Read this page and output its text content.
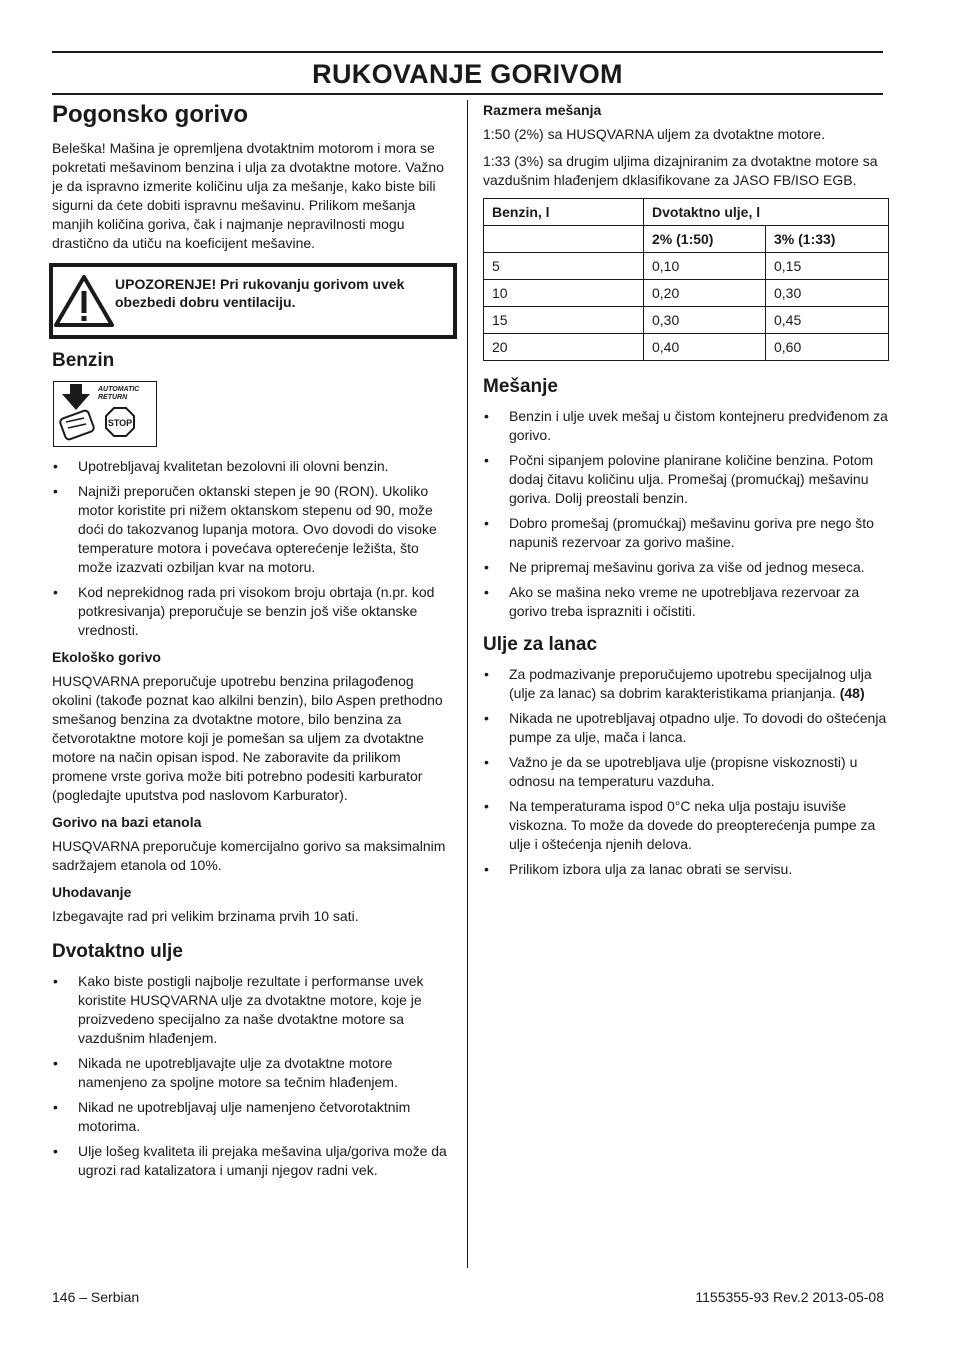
RUKOVANJE GORIVOM
Pogonsko gorivo

Beleška! Mašina je opremljena dvotaktnim motorom i mora se pokretati mešavinom benzina i ulja za dvotaktne motore. Važno je da ispravno izmerite količinu ulja za mešanje, kako biste bili sigurni da ćete dobiti ispravnu mešavinu. Prilikom mešanja manjih količina goriva, čak i najmanje nepravilnosti mogu drastično da utiču na koeficijent mešavine.

UPOZORENJE! Pri rukovanju gorivom uvek obezbedi dobru ventilaciju.
Benzin
AUTOMATIC
RETURN
STOP
• Upotrebljavaj kvalitetan bezolovni ili olovni benzin.
• Najniži preporučen oktanski stepen je 90 (RON). Ukoliko motor koristite pri nižem oktanskom stepenu od 90, može doći do takozvanog lupanja motora. Ovo dovodi do visoke temperature motora i povećava opterećenje ležišta, što može izazvati ozbiljan kvar na motoru.
• Kod neprekidnog rada pri visokom broju obrtaja (n.pr. kod potkresivanja) preporučuje se benzin još više oktanske vrednosti.
Ekološko gorivo

HUSQVARNA preporučuje upotrebu benzina prilagođenog okolini (takođe poznat kao alkilni benzin), bilo Aspen prethodno smešanog benzina za dvotaktne motore, bilo benzina za četvorotaktne motore koji je pomešan sa uljem za dvotaktne motore na način opisan ispod. Ne zaboravite da prilikom promene vrste goriva može biti potrebno podesiti karburator (pogledajte uputstva pod naslovom Karburator).

Gorivo na bazi etanola

HUSQVARNA preporučuje komercijalno gorivo sa maksimalnim sadržajem etanola od 10%.

Uhodavanje

Izbegavajte rad pri velikim brzinama prvih 10 sati.

Dvotaktno ulje
• Kako biste postigli najbolje rezultate i performanse uvek koristite HUSQVARNA ulje za dvotaktne motore, koje je proizvedeno specijalno za naše dvotaktne motore sa vazdušnim hlađenjem.
• Nikada ne upotrebljavajte ulje za dvotaktne motore namenjeno za spoljne motore sa tečnim hlađenjem.
• Nikad ne upotrebljavaj ulje namenjeno četvorotaktnim motorima.
• Ulje lošeg kvaliteta ili prejaka mešavina ulja/goriva može da ugrozi rad katalizatora i umanji njegov radni vek.
Razmera mešanja

1:50 (2%) sa HUSQVARNA uljem za dvotaktne motore.

1:33 (3%) sa drugim uljima dizajniranim za dvotaktne motore sa vazdušnim hlađenjem dklasifikovane za JASO FB/ISO EGB.

Benzin, l	Dvotaktno ulje, l	
	2% (1:50)	3% (1:33)
5	0,10	0,15
10	0,20	0,30
15	0,30	0,45
20	0,40	0,60
Mešanje
• Benzin i ulje uvek mešaj u čistom kontejneru predviđenom za gorivo.
• Počni sipanjem polovine planirane količine benzina. Potom dodaj čitavu količinu ulja. Promešaj (promućkaj) mešavinu goriva. Dolij preostali benzin.
• Dobro promešaj (promućkaj) mešavinu goriva pre nego što napuniš rezervoar za gorivo mašine.
• Ne pripremaj mešavinu goriva za više od jednog meseca.
• Ako se mašina neko vreme ne upotrebljava rezervoar za gorivo treba isprazniti i očistiti.
Ulje za lanac
• Za podmazivanje preporučujemo upotrebu specijalnog ulja (ulje za lanac) sa dobrim karakteristikama prianjanja. (48)
• Nikada ne upotrebljavaj otpadno ulje. To dovodi do oštećenja pumpe za ulje, mača i lanca.
• Važno je da se upotrebljava ulje (propisne viskoznosti) u odnosu na temperaturu vazduha.
• Na temperaturama ispod 0°C neka ulja postaju isuviše viskozna. To može da dovede do preopterećenja pumpe za ulje i oštećenja njenih delova.
• Prilikom izbora ulja za lanac obrati se servisu.
146 – Serbian	1155355-93 Rev.2 2013-05-08
